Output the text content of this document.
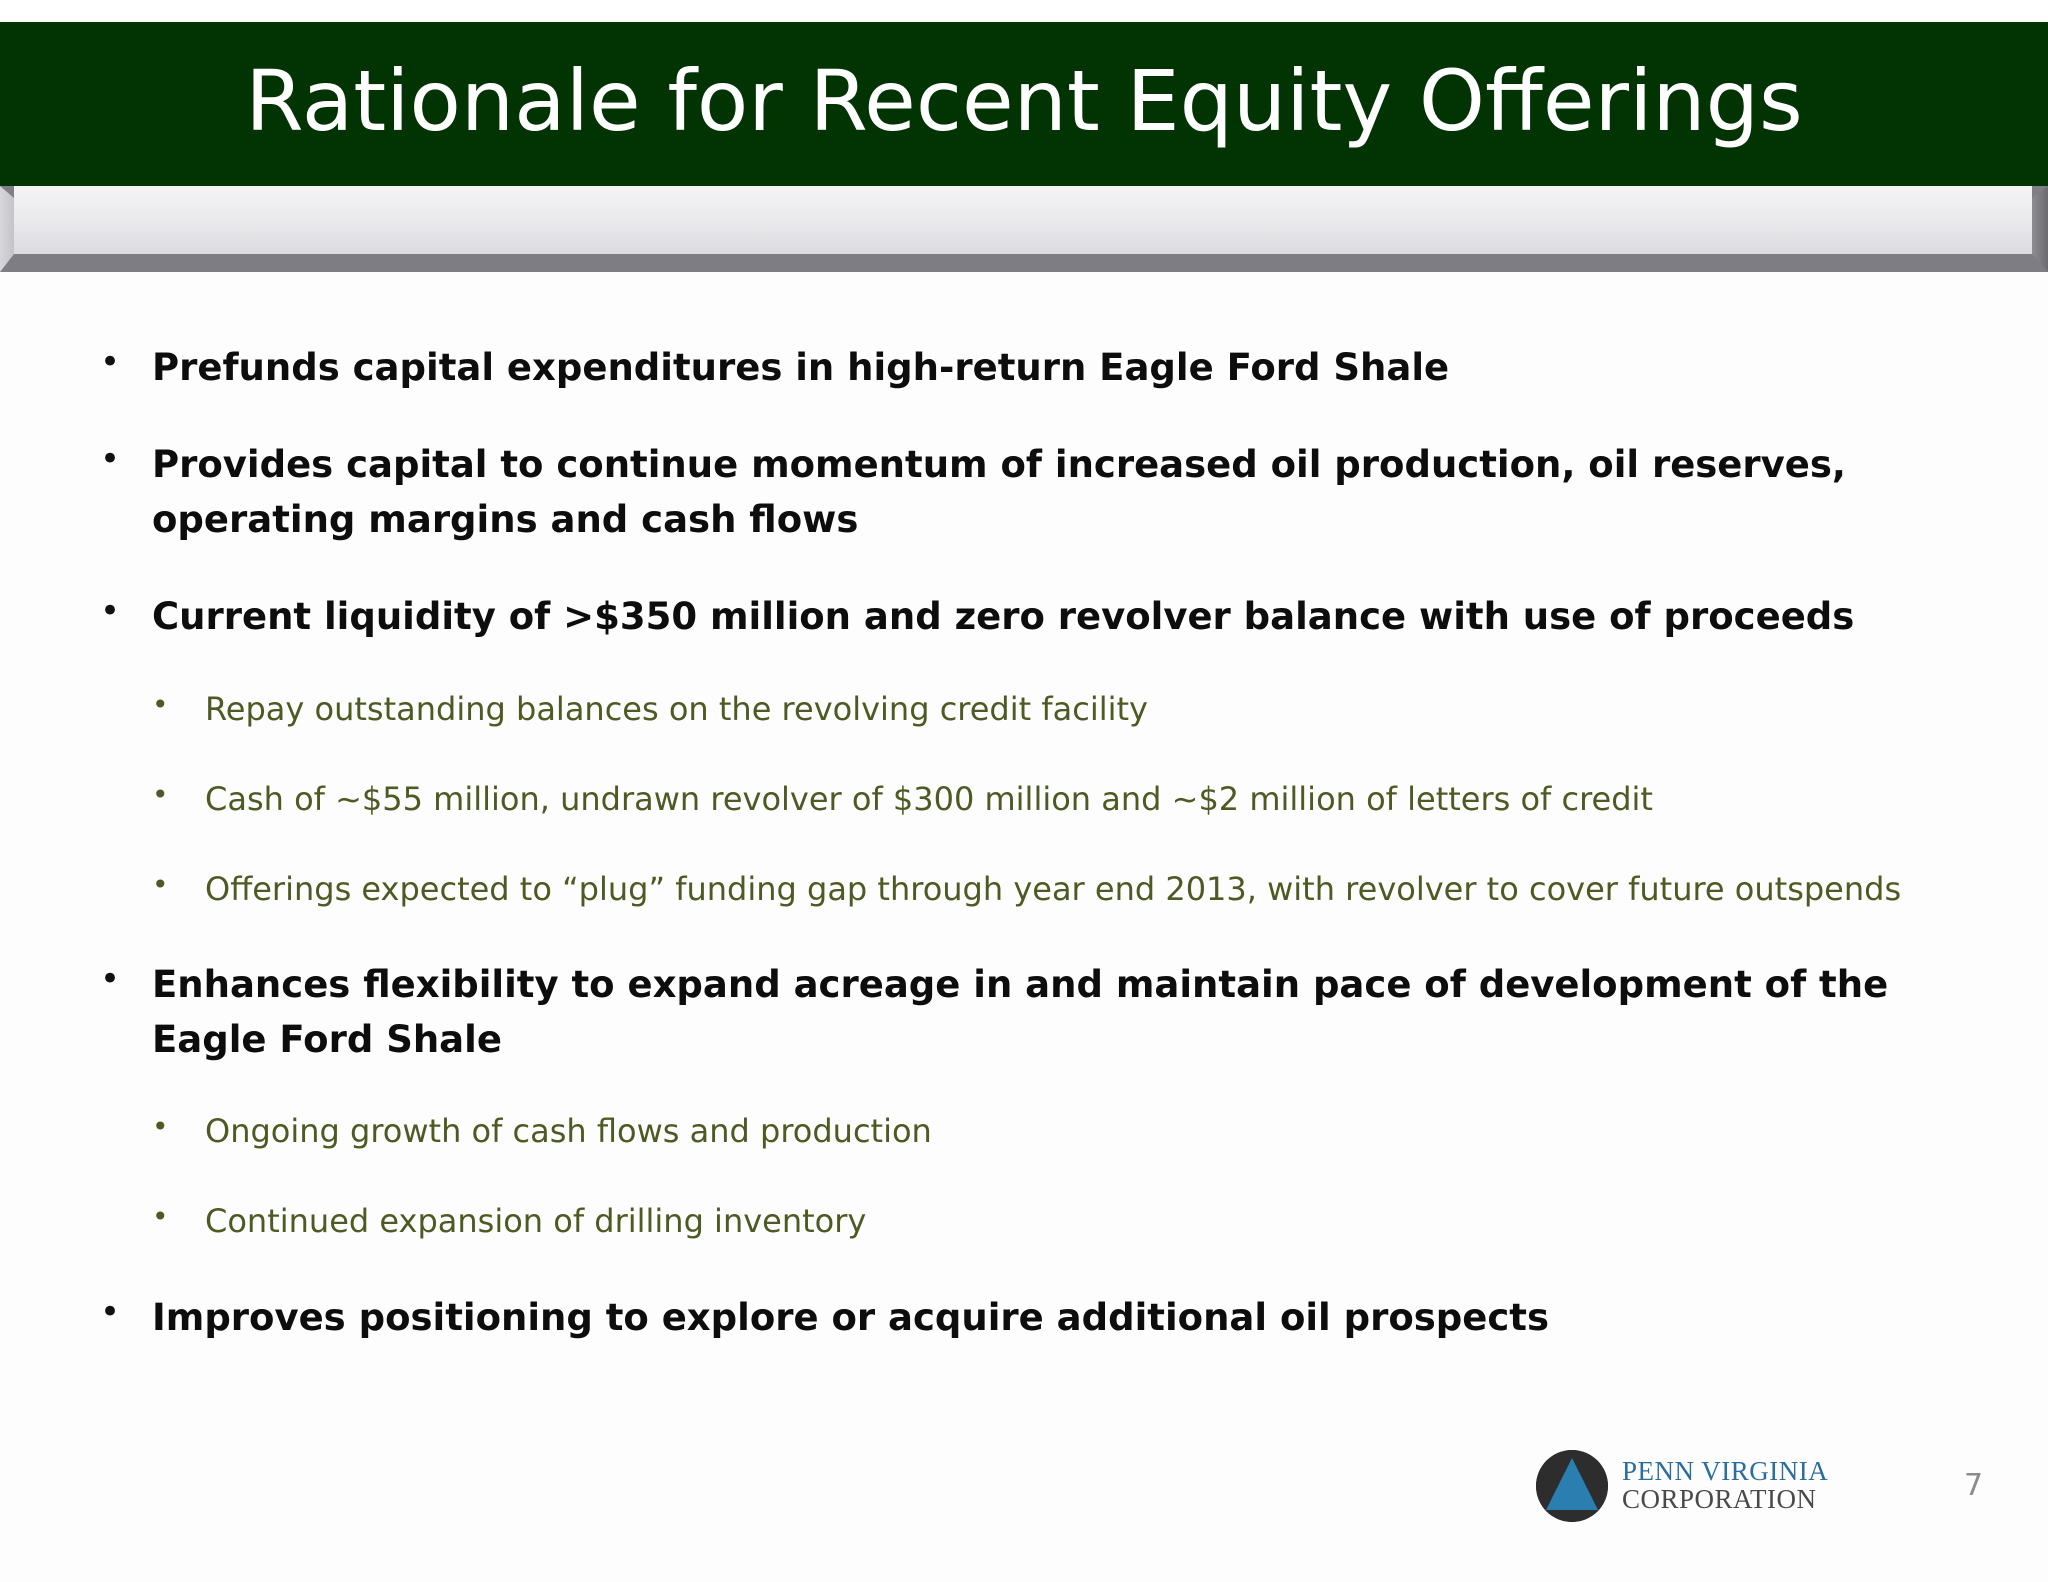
Rationale for Recent Equity Offerings
• Prefunds capital expenditures in high-return Eagle Ford Shale
• Provides capital to continue momentum of increased oil production, oil reserves, operating margins and cash flows
• Current liquidity of >$350 million and zero revolver balance with use of proceeds
• Repay outstanding balances on the revolving credit facility
• Cash of ~$55 million, undrawn revolver of $300 million and ~$2 million of letters of credit
• Offerings expected to “plug” funding gap through year end 2013, with revolver to cover future outspends
• Enhances flexibility to expand acreage in and maintain pace of development of the Eagle Ford Shale
• Ongoing growth of cash flows and production
• Continued expansion of drilling inventory
• Improves positioning to explore or acquire additional oil prospects
PENN VIRGINIA
CORPORATION	7
